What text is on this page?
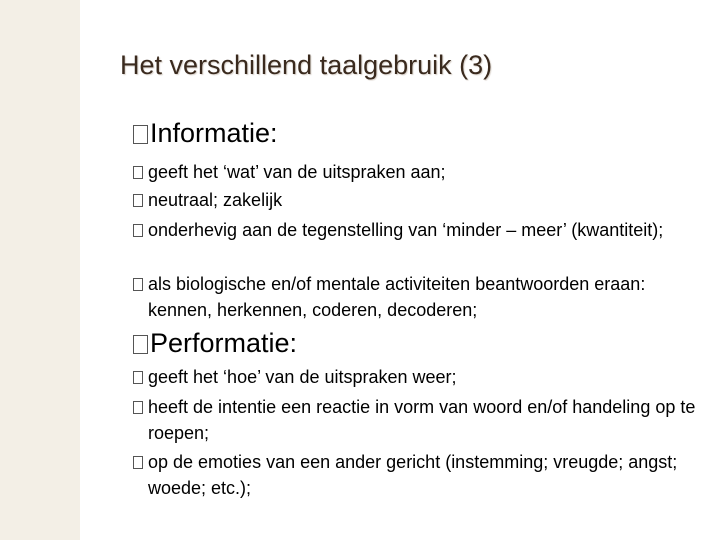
Het verschillend taalgebruik (3)
Informatie:
geeft het ‘wat’ van de uitspraken aan;
neutraal; zakelijk
onderhevig aan de tegenstelling van ‘minder – meer’ (kwantiteit);
als biologische en/of mentale activiteiten beantwoorden eraan: kennen, herkennen, coderen, decoderen;
Performatie:
geeft het ‘hoe’ van de uitspraken weer;
heeft de intentie een reactie in vorm van woord en/of handeling op te roepen;
op de emoties van een ander gericht (instemming; vreugde; angst; woede; etc.);
